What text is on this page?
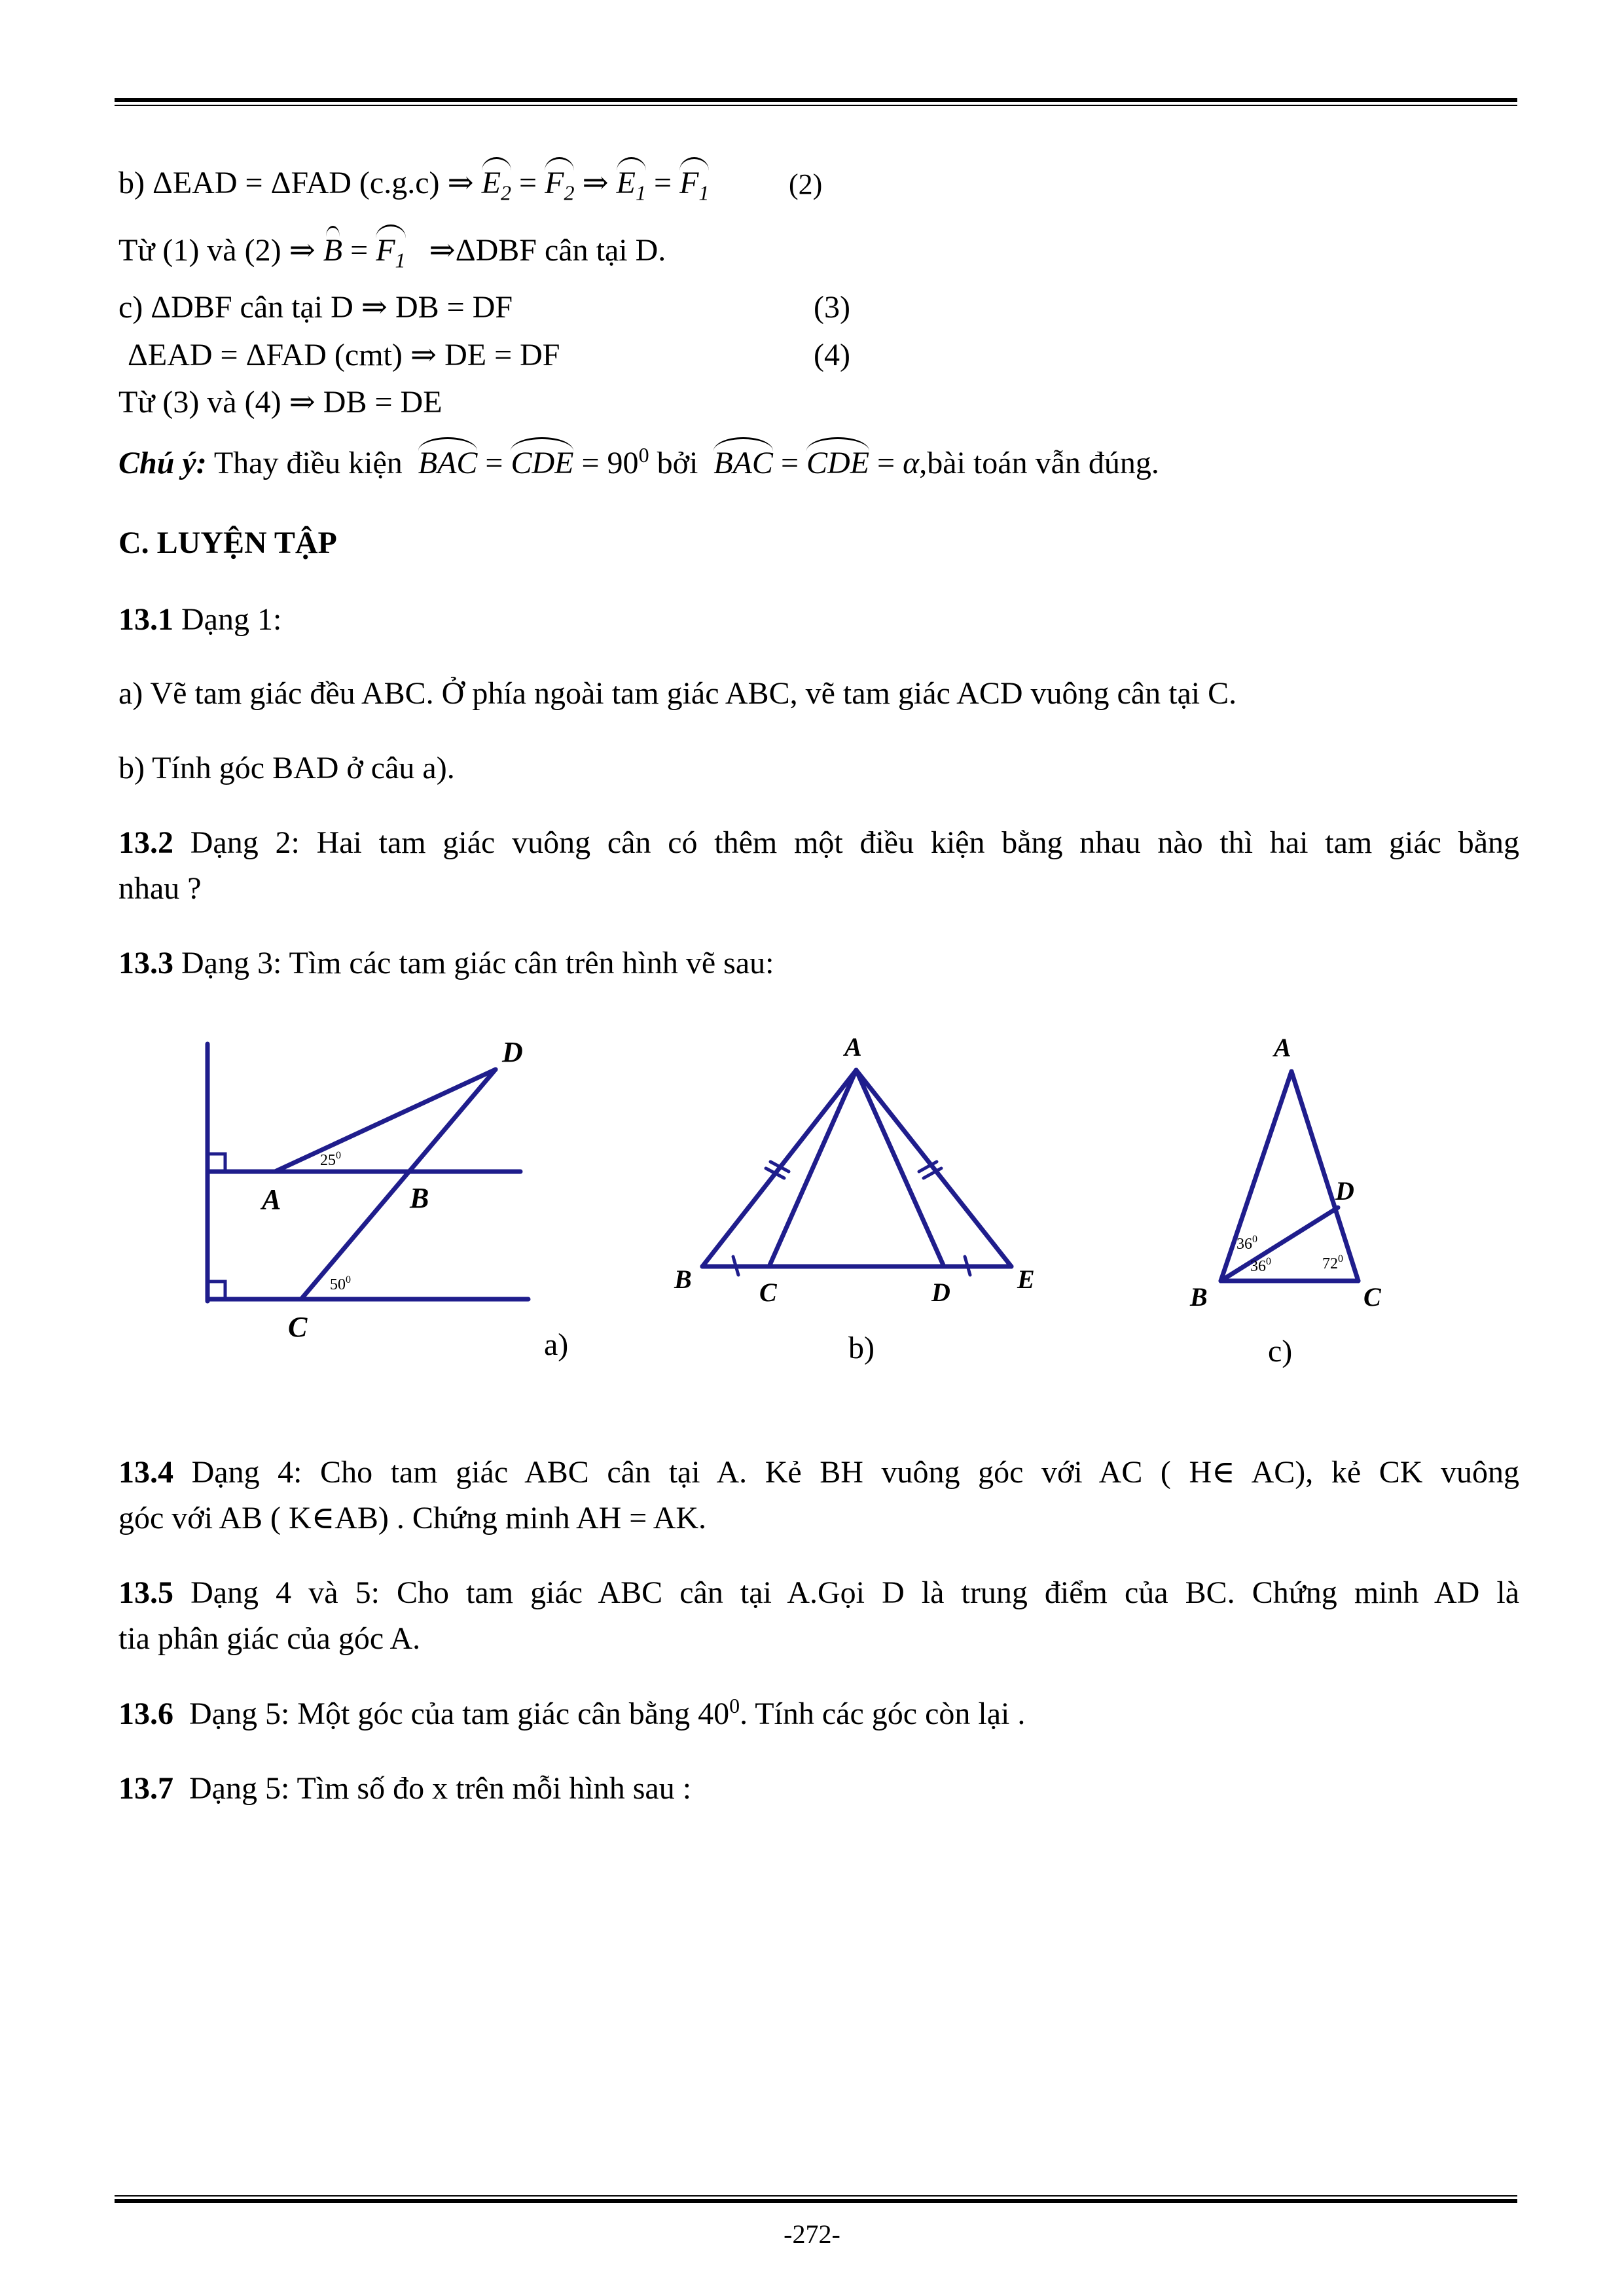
b) ΔEAD = ΔFAD (c.g.c) ⇒ $E_2 = F_2$ ⇒ $E_1 = F_1$	(2)
Từ (1) và (2) ⇒ $B = F_1$ ⇒ΔDBF cân tại D.
c) ΔDBF cân tại D ⇒ DB = DF	(3)
ΔEAD = ΔFAD (cmt) ⇒ DE = DF	(4)
Từ (3) và (4) ⇒ DB = DE
Chú ý: Thay điều kiện BAC = CDE = $90^0$ bởi BAC = CDE = α,bài toán vẫn đúng.
C. LUYỆN TẬP
13.1 Dạng 1:
a) Vẽ tam giác đều ABC. Ở phía ngoài tam giác ABC, vẽ tam giác ACD vuông cân tại C.
b) Tính góc BAD ở câu a).
13.2 Dạng 2: Hai tam giác vuông cân có thêm một điều kiện bằng nhau nào thì hai tam giác bằng
nhau ?
13.3 Dạng 3: Tìm các tam giác cân trên hình vẽ sau:
D
A	B
C
$25^0$
$50^0$
a)
A
B	C	D	E
b)
A
D
B	C
$36^0$
$36^0$	$72^0$
c)
13.4 Dạng 4: Cho tam giác ABC cân tại A. Kẻ BH vuông góc với AC ( H∈ AC), kẻ CK vuông
góc với AB ( K∈AB) . Chứng minh AH = AK.
13.5 Dạng 4 và 5: Cho tam giác ABC cân tại A.Gọi D là trung điểm của BC. Chứng minh AD là
tia phân giác của góc A.
13.6 Dạng 5: Một góc của tam giác cân bằng $40^0$. Tính các góc còn lại .
13.7 Dạng 5: Tìm số đo x trên mỗi hình sau :
-272-
